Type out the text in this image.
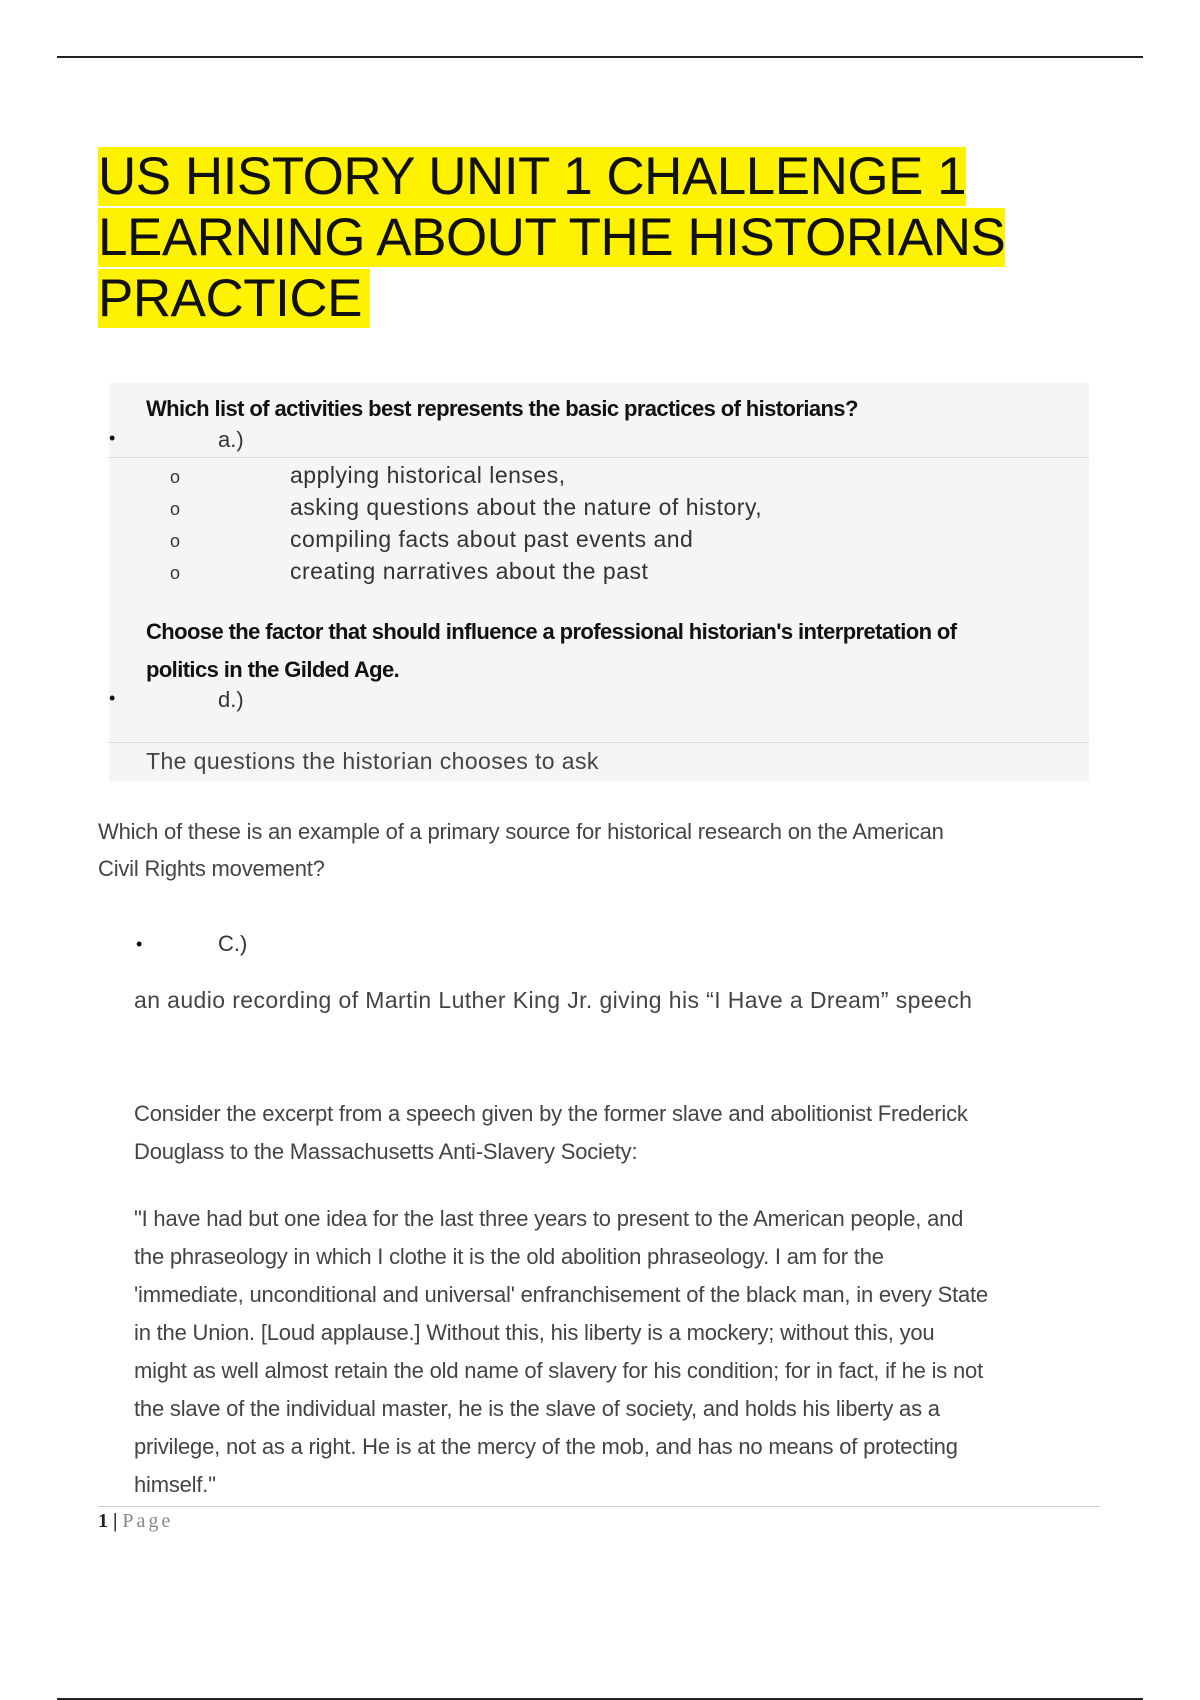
US HISTORY UNIT 1 CHALLENGE 1 LEARNING ABOUT THE HISTORIANS PRACTICE
Which list of activities best represents the basic practices of historians?
•	a.)
o	applying historical lenses,
o	asking questions about the nature of history,
o	compiling facts about past events and
o	creating narratives about the past
Choose the factor that should influence a professional historian's interpretation of
politics in the Gilded Age.
•	d.)
The questions the historian chooses to ask
Which of these is an example of a primary source for historical research on the American
Civil Rights movement?
•	C.)
an audio recording of Martin Luther King Jr. giving his “I Have a Dream” speech
Consider the excerpt from a speech given by the former slave and abolitionist Frederick
Douglass to the Massachusetts Anti-Slavery Society:
"I have had but one idea for the last three years to present to the American people, and
the phraseology in which I clothe it is the old abolition phraseology. I am for the
'immediate, unconditional and universal' enfranchisement of the black man, in every State
in the Union. [Loud applause.] Without this, his liberty is a mockery; without this, you
might as well almost retain the old name of slavery for his condition; for in fact, if he is not
the slave of the individual master, he is the slave of society, and holds his liberty as a
privilege, not as a right. He is at the mercy of the mob, and has no means of protecting
himself."
1 | Page
